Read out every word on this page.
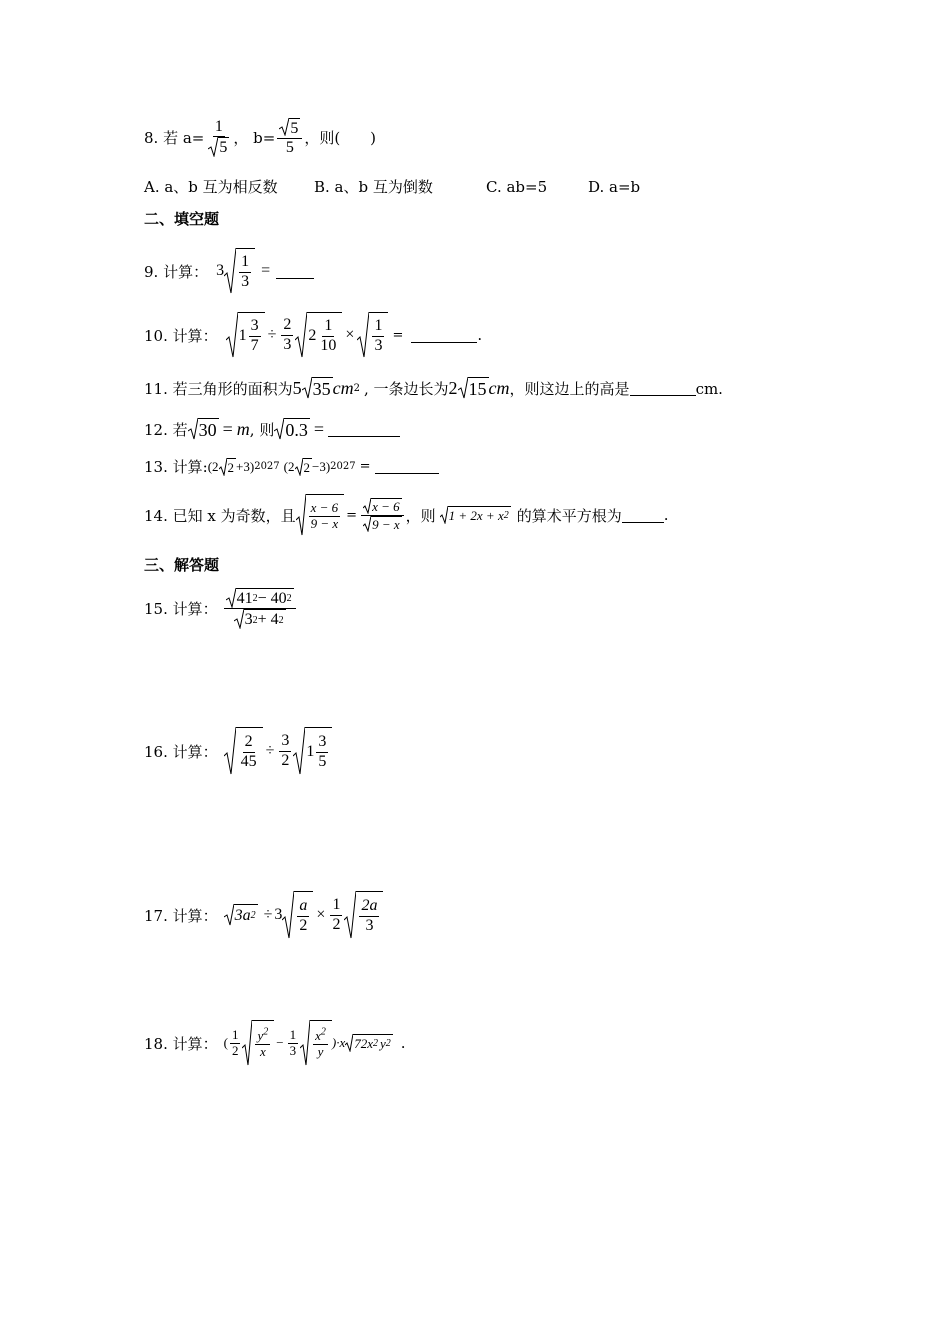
8. 若 $a= \frac{1}{5}$ ， $b= \frac{5}{5}$ ，则(　　)
A. a、b 互为相反数	B. a、b 互为倒数	C. ab=5	D. a=b
二、填空题
9. 计算： $3 \frac{1}{3}$ =
10. 计算： $1 \frac{3}{7} \div \frac{2}{3} 2 \frac{1}{10} \times \frac{1}{3}$ =	.
11. 若三角形的面积为 5 35 cm 2 , 一条边长为 2 15 cm ，则这边上的高是	cm.
12. 若 30 = m , 则 0.3 =
13. 计算: (2 2 +3) 2027 (2 2 −3) 2027 =
14. 已知 x 为奇数，且 $\frac{x - 6}{9 - x} = \frac{x - 6}{9 - x}$ ，则 1 + 2x + x 2 的算术平方根为	.
三、解答题
15. 计算： $\frac{41 2 - 40 2}{3 2 + 4 2}$
16. 计算： $\frac{2}{45} \div \frac{3}{2} 1 \frac{3}{5}$
17. 计算： 3a $2 \div 3 \frac{a}{2} \times \frac{1}{2} \frac{2a}{3}$
18. 计算： ( $\frac{1}{2} \frac{y^2}{x} - \frac{1}{3} \frac{x^2}{y} )\cdot x$ 72x 2 y 2 .
